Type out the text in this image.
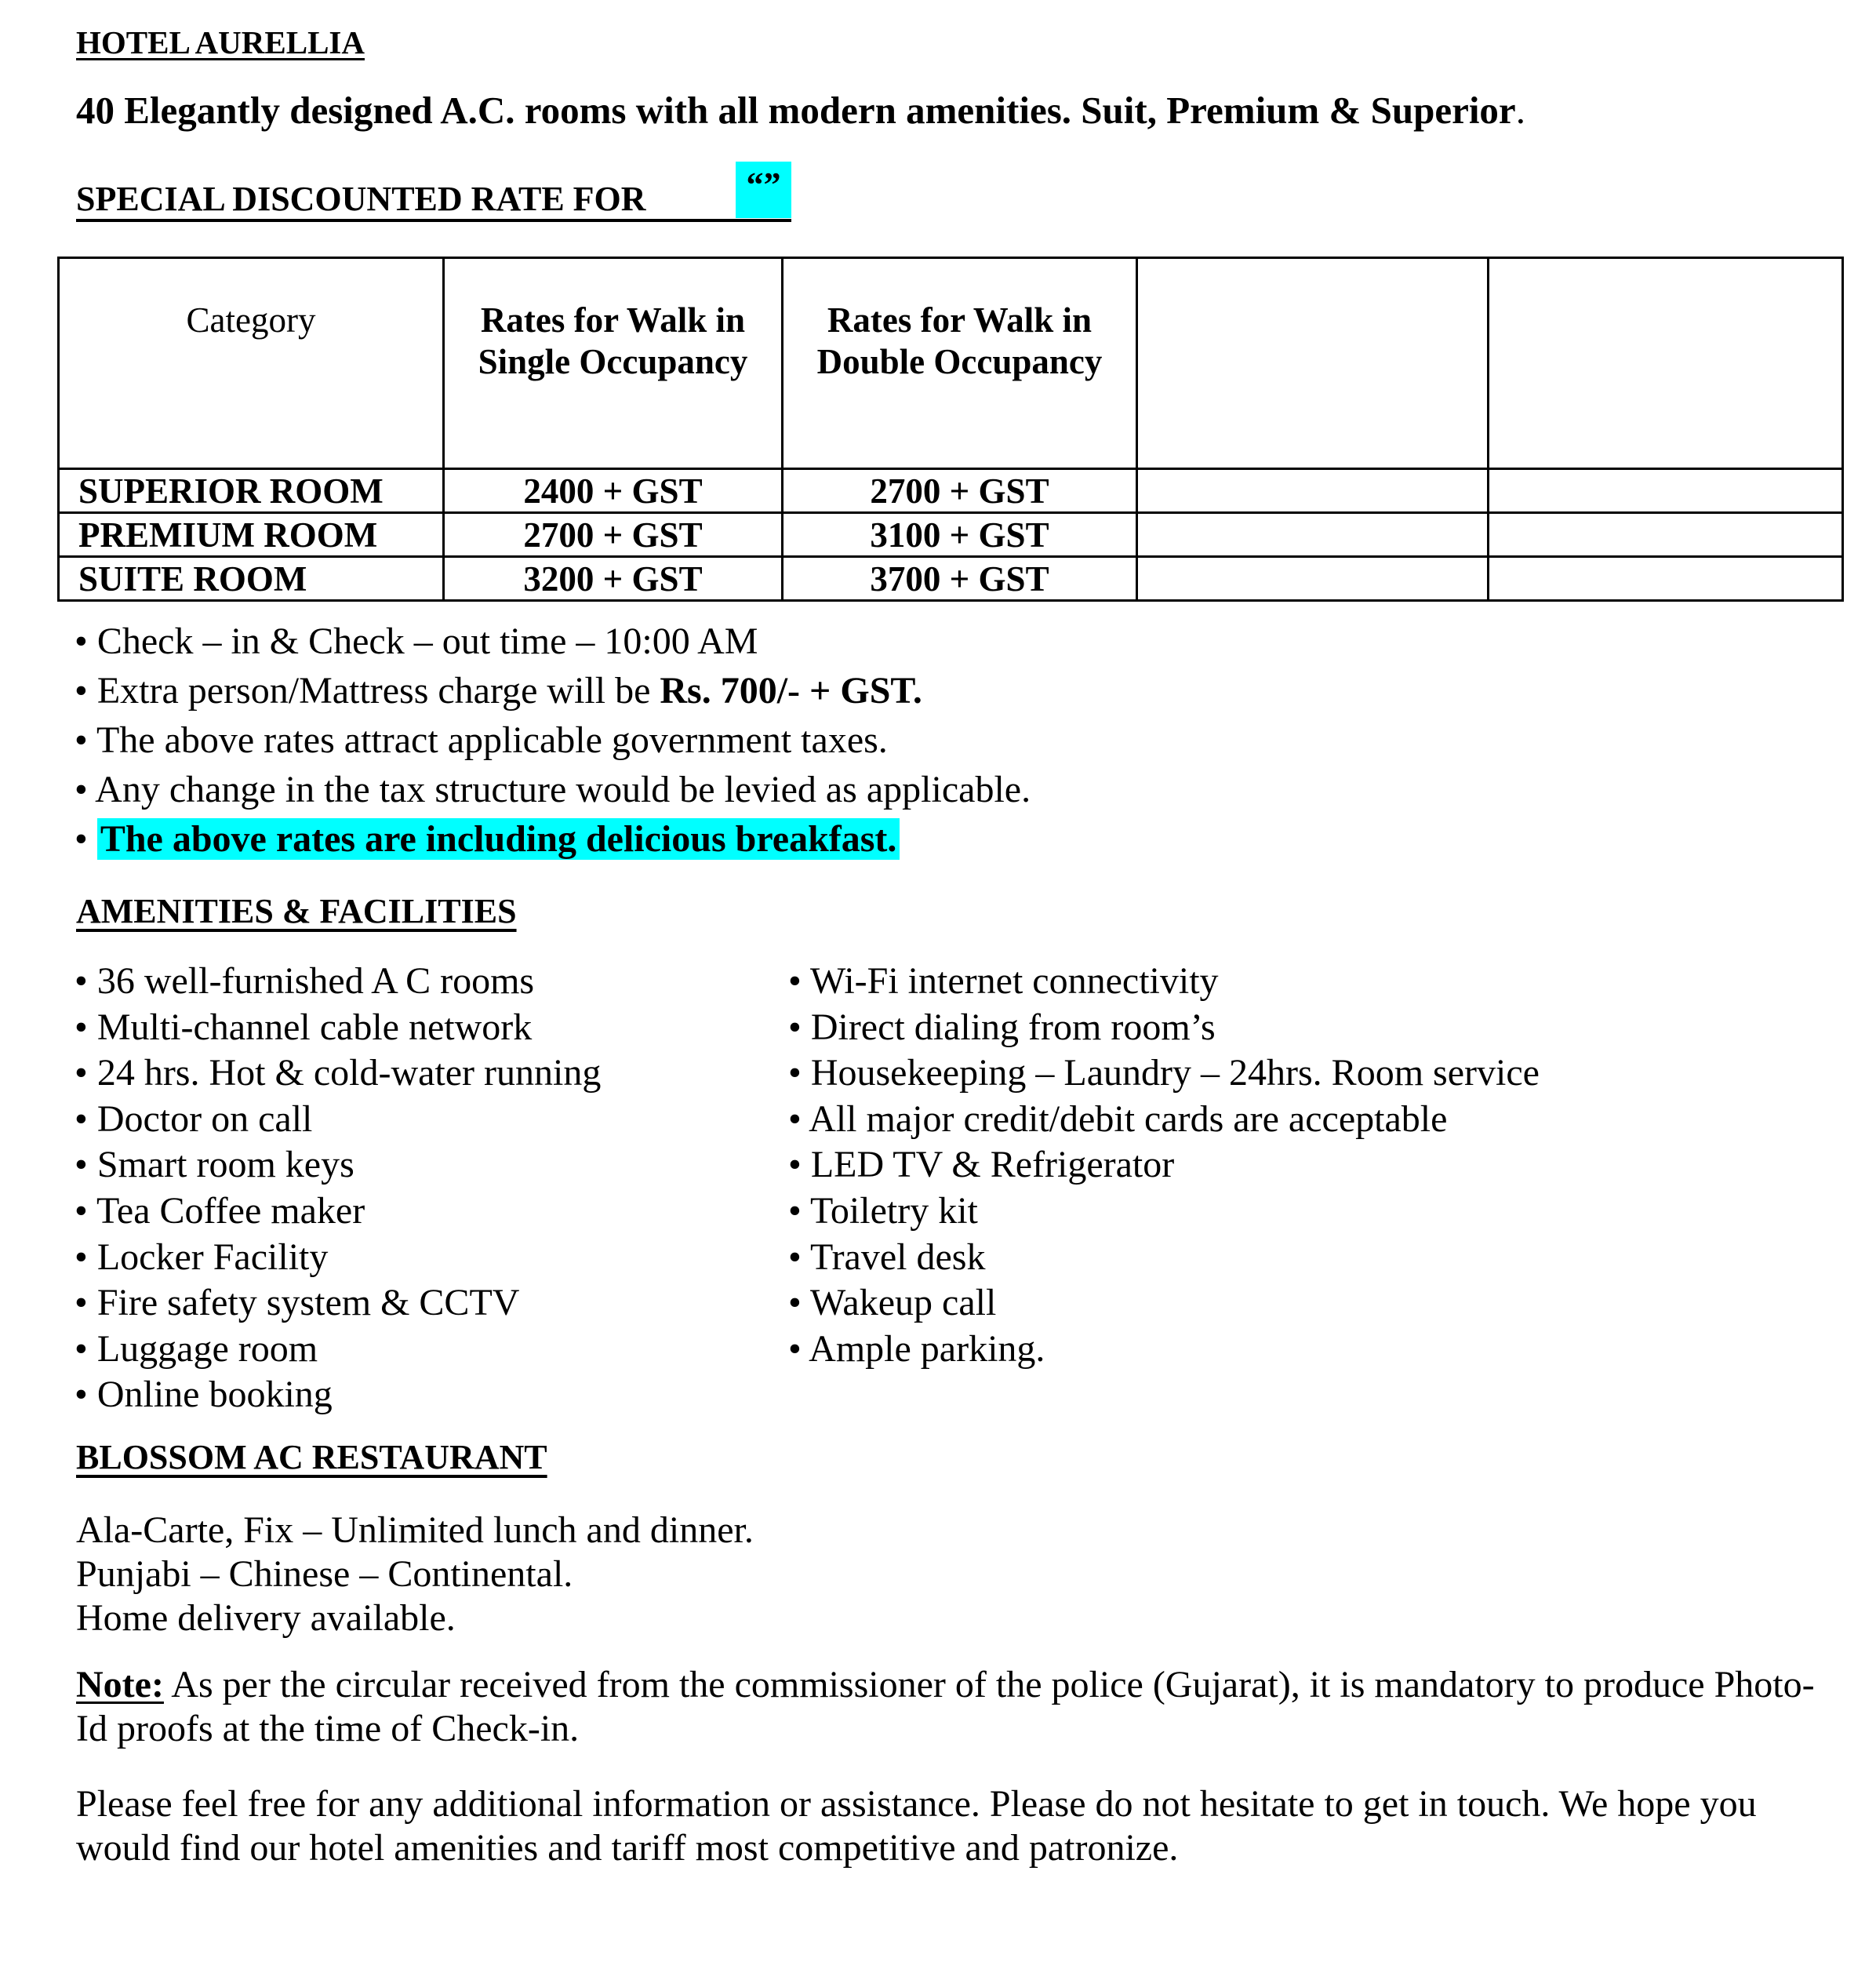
HOTEL AURELLIA
40 Elegantly designed A.C. rooms with all modern amenities. Suit, Premium & Superior.
SPECIAL DISCOUNTED RATE FOR	“”
Category	Rates for Walk in Single Occupancy	Rates for Walk in Double Occupancy		

SUPERIOR ROOM	2400 + GST	2700 + GST		
PREMIUM ROOM	2700 + GST	3100 + GST		
SUITE ROOM	3200 + GST	3700 + GST		
• Check – in & Check – out time – 10:00 AM
• Extra person/Mattress charge will be Rs. 700/- + GST.
• The above rates attract applicable government taxes.
• Any change in the tax structure would be levied as applicable.
• The above rates are including delicious breakfast.
AMENITIES & FACILITIES
• 36 well-furnished A C rooms
• Multi-channel cable network
• 24 hrs. Hot & cold-water running
• Doctor on call
• Smart room keys
• Tea Coffee maker
• Locker Facility
• Fire safety system & CCTV
• Luggage room
• Online booking
• Wi-Fi internet connectivity
• Direct dialing from room’s
• Housekeeping – Laundry – 24hrs. Room service
• All major credit/debit cards are acceptable
• LED TV & Refrigerator
• Toiletry kit
• Travel desk
• Wakeup call
• Ample parking.
BLOSSOM AC RESTAURANT
Ala-Carte, Fix – Unlimited lunch and dinner.
Punjabi – Chinese – Continental.
Home delivery available.
Note: As per the circular received from the commissioner of the police (Gujarat), it is mandatory to produce Photo-Id proofs at the time of Check-in.
Please feel free for any additional information or assistance. Please do not hesitate to get in touch. We hope you would find our hotel amenities and tariff most competitive and patronize.
